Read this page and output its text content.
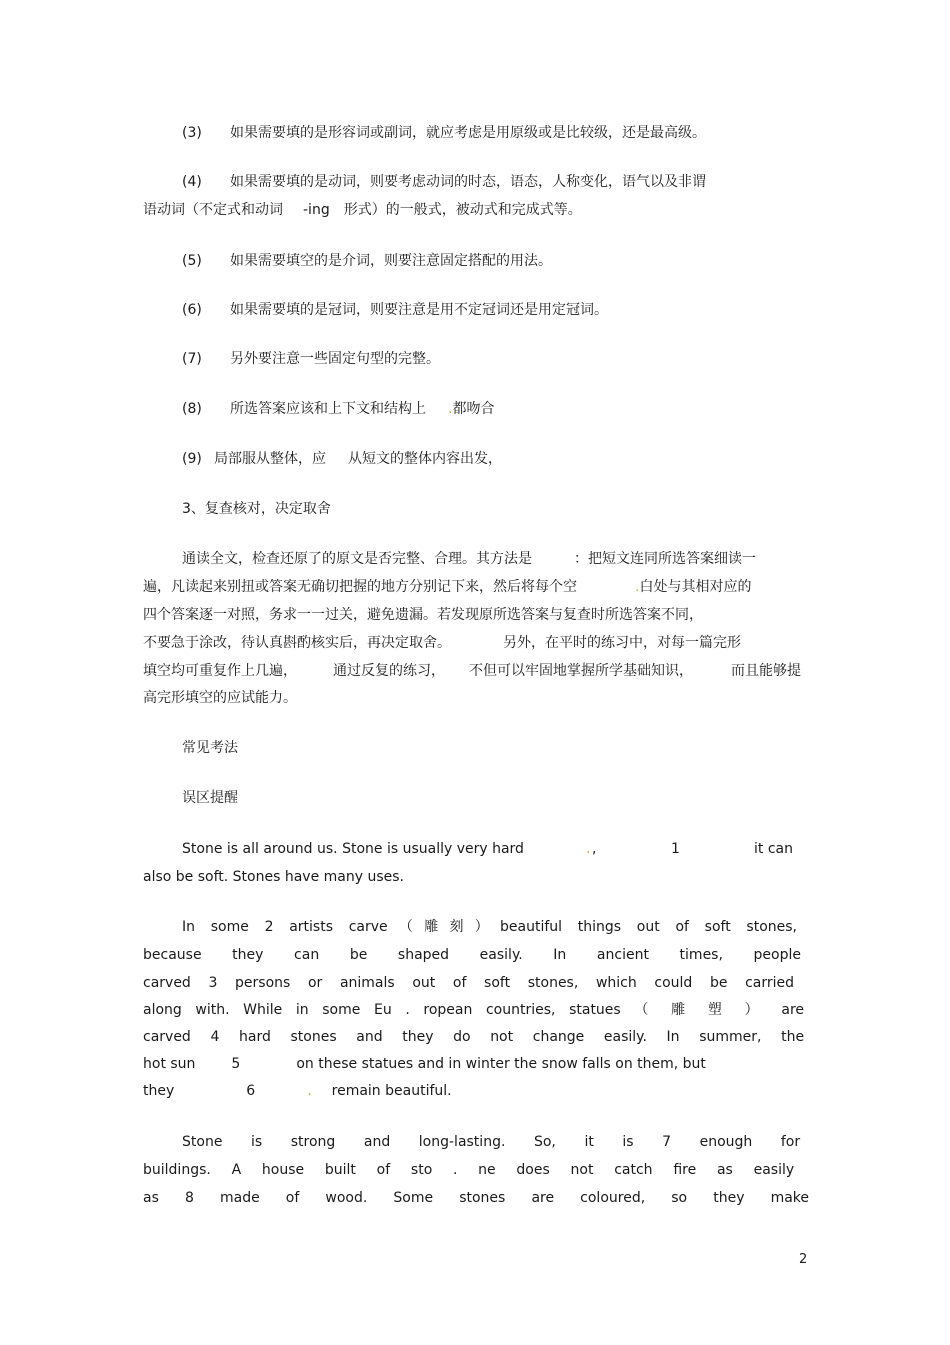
(3) 如果需要填的是形容词或副词，就应考虑是用原级或是比较级，还是最高级。
(4) 如果需要填的是动词，则要考虑动词的时态，语态，人称变化，语气以及非谓
语动词（不定式和动词 -ing 形式）的一般式，被动式和完成式等。
(5) 如果需要填空的是介词，则要注意固定搭配的用法。
(6) 如果需要填的是冠词，则要注意是用不定冠词还是用定冠词。
(7) 另外要注意一些固定句型的完整。
(8) 所选答案应该和上下文和结构上 .都吻合
(9) 局部服从整体，应 从短文的整体内容出发，
3、复查核对，决定取舍
通读全文，检查还原了的原文是否完整、合理。其方法是	：把短文连同所选答案细读一
遍，凡读起来别扭或答案无确切把握的地方分别记下来，然后将每个空	.白处与其相对应的
四个答案逐一对照，务求一一过关，避免遗漏。若发现原所选答案与复查时所选答案不同，
不要急于涂改，待认真斟酌核实后，再决定取舍。	另外，在平时的练习中，对每一篇完形
填空均可重复作上几遍，	通过反复的练习， 不但可以牢固地掌握所学基础知识，	而且能够提
高完形填空的应试能力。
常见考法
误区提醒
Stone is all around us. Stone is usually very hard	. ,	1	it can
also be soft. Stones have many uses.
In some 2 artists carve（雕刻）beautiful things out of soft stones,
because they can be shaped easily. In ancient times, people
carved 3 persons or animals out of soft stones, which could be carried
along with. While in some Eu . ropean countries, statues （ 雕 塑 ） are
carved 4 hard stones and they do not change easily. In summer, the
hot sun	5	on these statues and in winter the snow falls on them, but
they	6	. remain beautiful.
Stone is strong and long-lasting. So, it is 7 enough for
buildings. A house built of sto . ne does not catch fire as easily
as 8 made of wood. Some stones are coloured, so they make
2
